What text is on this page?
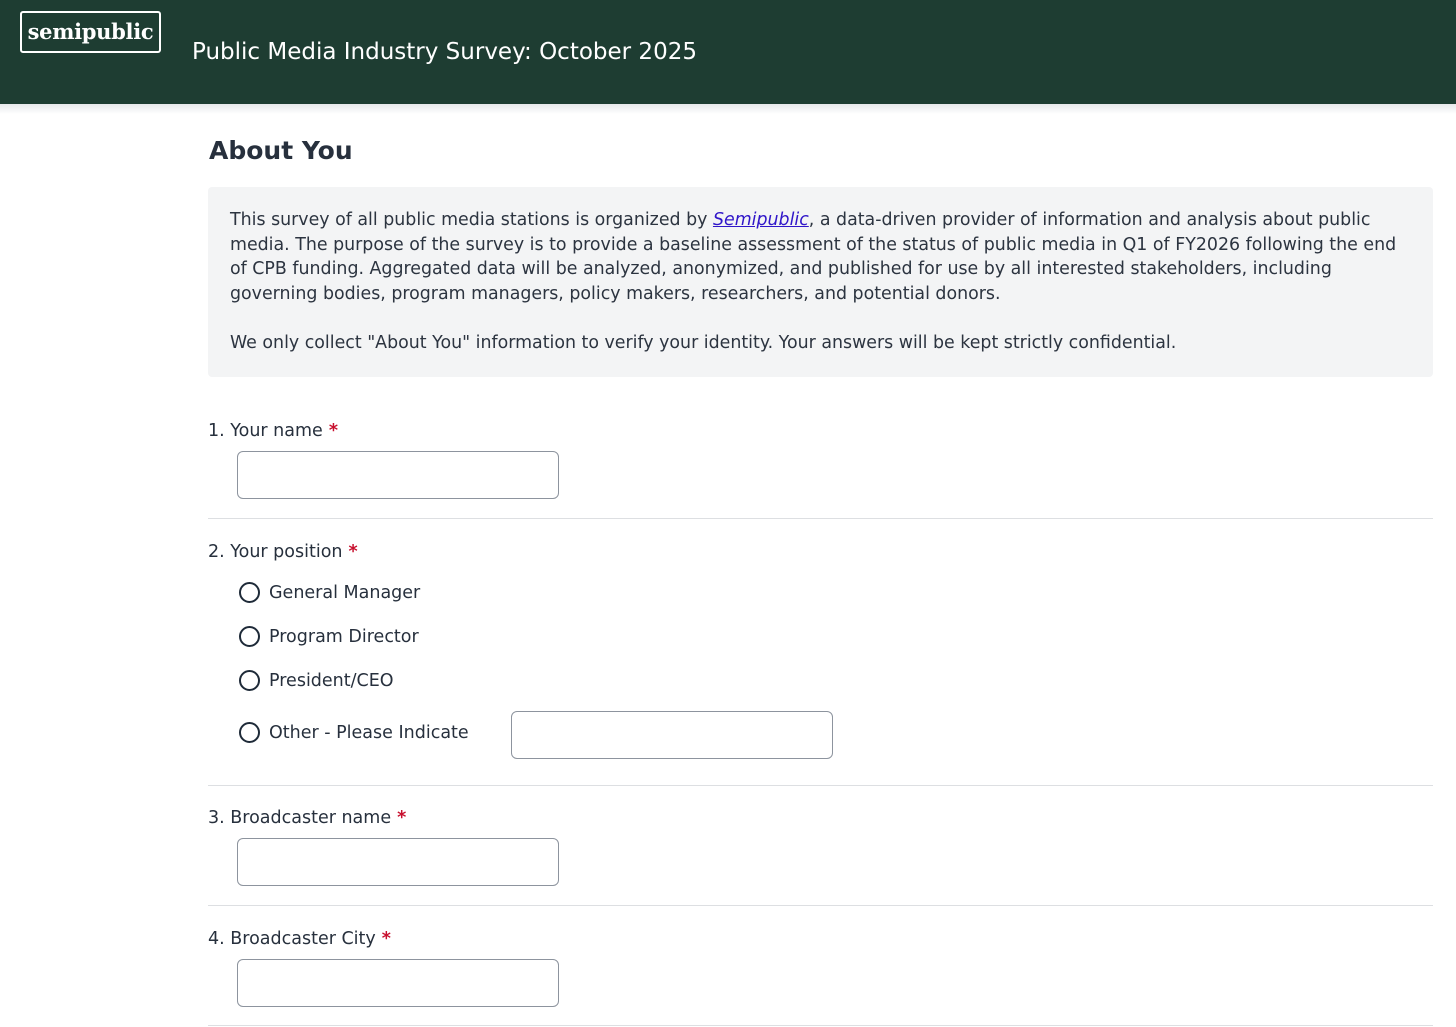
semipublic
Public Media Industry Survey: October 2025
About You

This survey of all public media stations is organized by Semipublic, a data-driven provider of information and analysis about public media. The purpose of the survey is to provide a baseline assessment of the status of public media in Q1 of FY2026 following the end of CPB funding. Aggregated data will be analyzed, anonymized, and published for use by all interested stakeholders, including governing bodies, program managers, policy makers, researchers, and potential donors.

We only collect "About You" information to verify your identity. Your answers will be kept strictly confidential.

1. Your name *
2. Your position *
General Manager
Program Director
President/CEO
Other - Please Indicate
3. Broadcaster name *
4. Broadcaster City *
